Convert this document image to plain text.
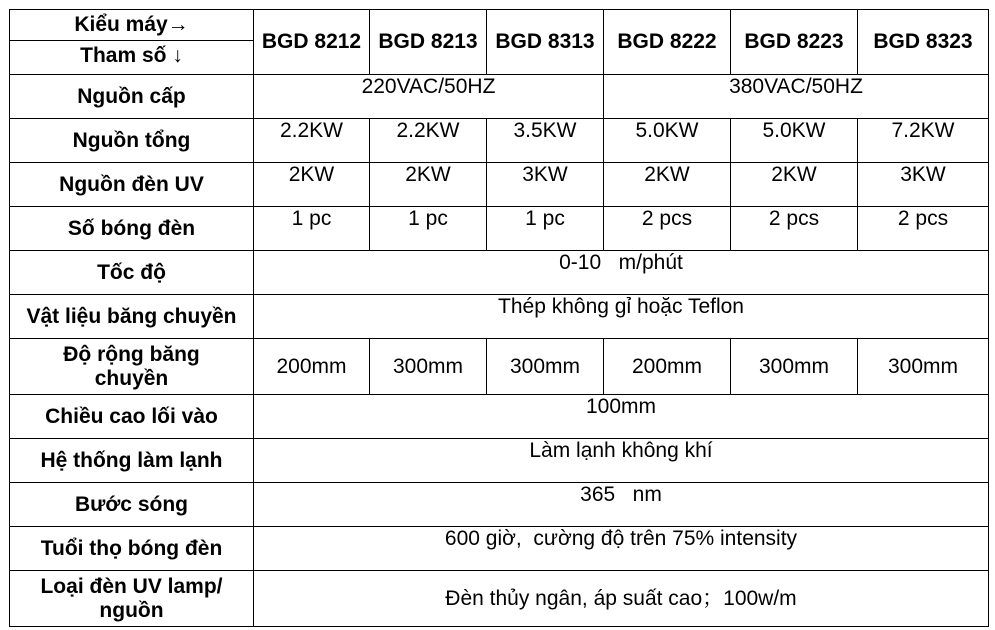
Kiểu máy→
Tham số ↓	BGD 8212	BGD 8213	BGD 8313	BGD 8222	BGD 8223	BGD 8323
Nguồn cấp	220VAC/50HZ			380VAC/50HZ		
Nguồn tổng	2.2KW	2.2KW	3.5KW	5.0KW	5.0KW	7.2KW
Nguồn đèn UV	2KW	2KW	3KW	2KW	2KW	3KW
Số bóng đèn	1 pc	1 pc	1 pc	2 pcs	2 pcs	2 pcs
Tốc độ	0-10   m/phút					
Vật liệu băng chuyền	Thép không gỉ hoặc Teflon					
Độ rộng băng chuyền	200mm	300mm	300mm	200mm	300mm	300mm
Chiều cao lối vào	100mm					
Hệ thống làm lạnh	Làm lạnh không khí					
Bước sóng	365   nm					
Tuổi thọ bóng đèn	600 giờ,  cường độ trên 75% intensity					
Loại đèn UV lamp/ nguồn	Đèn thủy ngân, áp suất cao；100w/m					
